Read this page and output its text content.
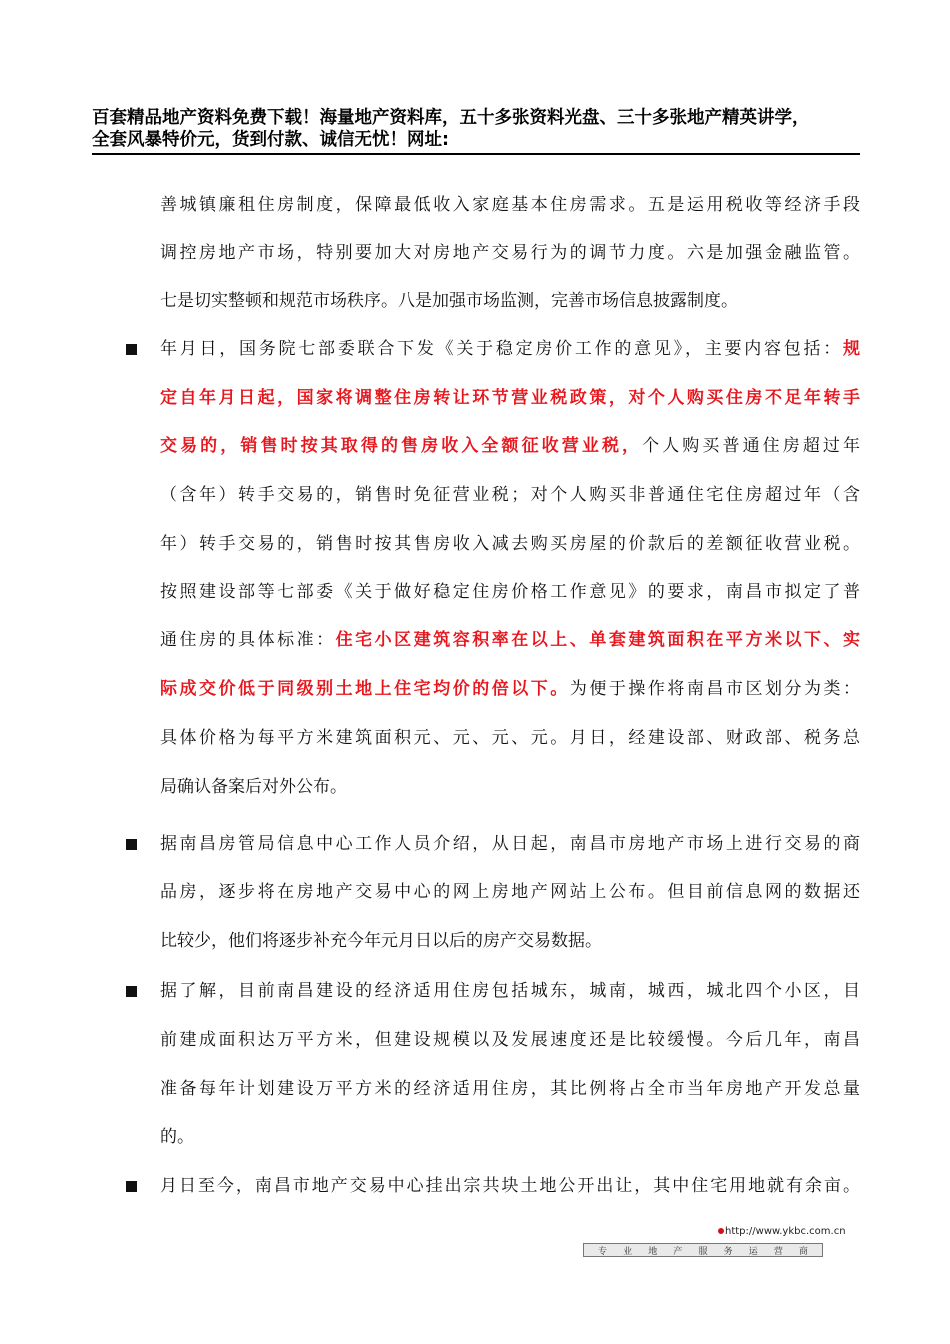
百套精品地产资料免费下载！海量地产资料库，五十多张资料光盘、三十多张地产精英讲学，
全套风暴特价元，货到付款、诚信无忧！网址:
善城镇廉租住房制度，保障最低收入家庭基本住房需求。五是运用税收等经济手段
调控房地产市场，特别要加大对房地产交易行为的调节力度。六是加强金融监管。
七是切实整顿和规范市场秩序。八是加强市场监测，完善市场信息披露制度。
年月日，国务院七部委联合下发《关于稳定房价工作的意见》，主要内容包括：规
定自年月日起，国家将调整住房转让环节营业税政策，对个人购买住房不足年转手
交易的，销售时按其取得的售房收入全额征收营业税，个人购买普通住房超过年
（含年）转手交易的，销售时免征营业税；对个人购买非普通住宅住房超过年（含
年）转手交易的，销售时按其售房收入减去购买房屋的价款后的差额征收营业税。
按照建设部等七部委《关于做好稳定住房价格工作意见》的要求，南昌市拟定了普
通住房的具体标准：住宅小区建筑容积率在以上、单套建筑面积在平方米以下、实
际成交价低于同级别土地上住宅均价的倍以下。为便于操作将南昌市区划分为类：
具体价格为每平方米建筑面积元、元、元、元。月日，经建设部、财政部、税务总
局确认备案后对外公布。
据南昌房管局信息中心工作人员介绍，从日起，南昌市房地产市场上进行交易的商
品房，逐步将在房地产交易中心的网上房地产网站上公布。但目前信息网的数据还
比较少，他们将逐步补充今年元月日以后的房产交易数据。
据了解，目前南昌建设的经济适用住房包括城东，城南，城西，城北四个小区，目
前建成面积达万平方米，但建设规模以及发展速度还是比较缓慢。今后几年，南昌
准备每年计划建设万平方米的经济适用住房，其比例将占全市当年房地产开发总量
的。
月日至今，南昌市地产交易中心挂出宗共块土地公开出让，其中住宅用地就有余亩。
http://www.ykbc.com.cn
专 业 地 产 服 务 运 营 商
